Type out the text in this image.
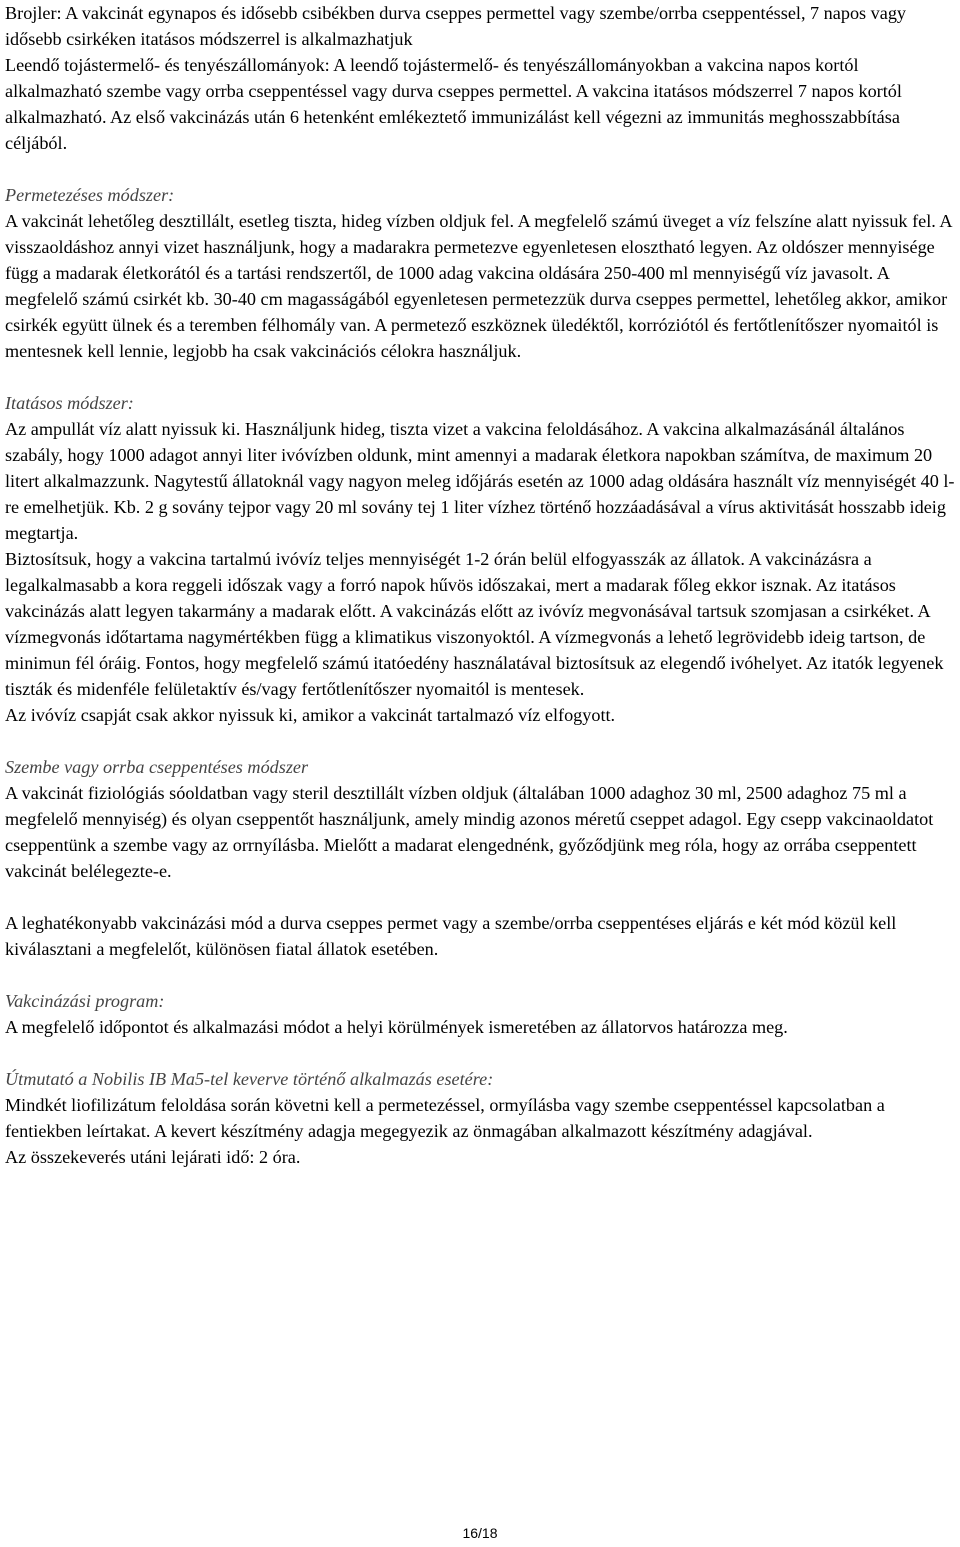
Brojler: A vakcinát egynapos és idősebb csibékben durva cseppes permettel vagy szembe/orrba cseppentéssel, 7 napos vagy idősebb csirkéken itatásos módszerrel is alkalmazhatjuk

Leendő tojástermelő- és tenyészállományok: A leendő tojástermelő- és tenyészállományokban a vakcina napos kortól alkalmazható szembe vagy orrba cseppentéssel vagy durva cseppes permettel. A vakcina itatásos módszerrel 7 napos kortól alkalmazható. Az első vakcinázás után 6 hetenként emlékeztető immunizálást kell végezni az immunitás meghosszabbítása céljából.

Permetezéses módszer:

A vakcinát lehetőleg desztillált, esetleg tiszta, hideg vízben oldjuk fel. A megfelelő számú üveget a víz felszíne alatt nyissuk fel. A visszaoldáshoz annyi vizet használjunk, hogy a madarakra permetezve egyenletesen elosztható legyen. Az oldószer mennyisége függ a madarak életkorától és a tartási rendszertől, de 1000 adag vakcina oldására 250-400 ml mennyiségű víz javasolt. A megfelelő számú csirkét kb. 30-40 cm magasságából egyenletesen permetezzük durva cseppes permettel, lehetőleg akkor, amikor csirkék együtt ülnek és a teremben félhomály van. A permetező eszköznek üledéktől, korróziótól és fertőtlenítőszer nyomaitól is mentesnek kell lennie, legjobb ha csak vakcinációs célokra használjuk.

Itatásos módszer:

Az ampullát víz alatt nyissuk ki. Használjunk hideg, tiszta vizet a vakcina feloldásához. A vakcina alkalmazásánál általános szabály, hogy 1000 adagot annyi liter ivóvízben oldunk, mint amennyi a madarak életkora napokban számítva, de maximum 20 litert alkalmazzunk. Nagytestű állatoknál vagy nagyon meleg időjárás esetén az 1000 adag oldására használt víz mennyiségét 40 l-re emelhetjük. Kb. 2 g sovány tejpor vagy 20 ml sovány tej 1 liter vízhez történő hozzáadásával a vírus aktivitását hosszabb ideig megtartja.

Biztosítsuk, hogy a vakcina tartalmú ivóvíz teljes mennyiségét 1-2 órán belül elfogyasszák az állatok. A vakcinázásra a legalkalmasabb a kora reggeli időszak vagy a forró napok hűvös időszakai, mert a madarak főleg ekkor isznak. Az itatásos vakcinázás alatt legyen takarmány a madarak előtt. A vakcinázás előtt az ivóvíz megvonásával tartsuk szomjasan a csirkéket. A vízmegvonás időtartama nagymértékben függ a klimatikus viszonyoktól. A vízmegvonás a lehető legrövidebb ideig tartson, de minimun fél óráig. Fontos, hogy megfelelő számú itatóedény használatával biztosítsuk az elegendő ivóhelyet. Az itatók legyenek tiszták és midenféle felületaktív és/vagy fertőtlenítőszer nyomaitól is mentesek.

Az ivóvíz csapját csak akkor nyissuk ki, amikor a vakcinát tartalmazó víz elfogyott.

Szembe vagy orrba cseppentéses módszer

A vakcinát fiziológiás sóoldatban vagy steril desztillált vízben oldjuk (általában 1000 adaghoz 30 ml, 2500 adaghoz 75 ml a megfelelő mennyiség) és olyan cseppentőt használjunk, amely mindig azonos méretű cseppet adagol. Egy csepp vakcinaoldatot cseppentünk a szembe vagy az orrnyílásba. Mielőtt a madarat elengednénk, győződjünk meg róla, hogy az orrába cseppentett vakcinát belélegezte-e.

A leghatékonyabb vakcinázási mód a durva cseppes permet vagy a szembe/orrba cseppentéses eljárás e két mód közül kell kiválasztani a megfelelőt, különösen fiatal állatok esetében.

Vakcinázási program:

A megfelelő időpontot és alkalmazási módot a helyi körülmények ismeretében az állatorvos határozza meg.

Útmutató a Nobilis IB Ma5-tel keverve történő alkalmazás esetére:

Mindkét liofilizátum feloldása során követni kell a permetezéssel, ormyílásba vagy szembe cseppentéssel kapcsolatban a fentiekben leírtakat. A kevert készítmény adagja megegyezik az önmagában alkalmazott készítmény adagjával.

Az összekeverés utáni lejárati idő: 2 óra.

16/18
